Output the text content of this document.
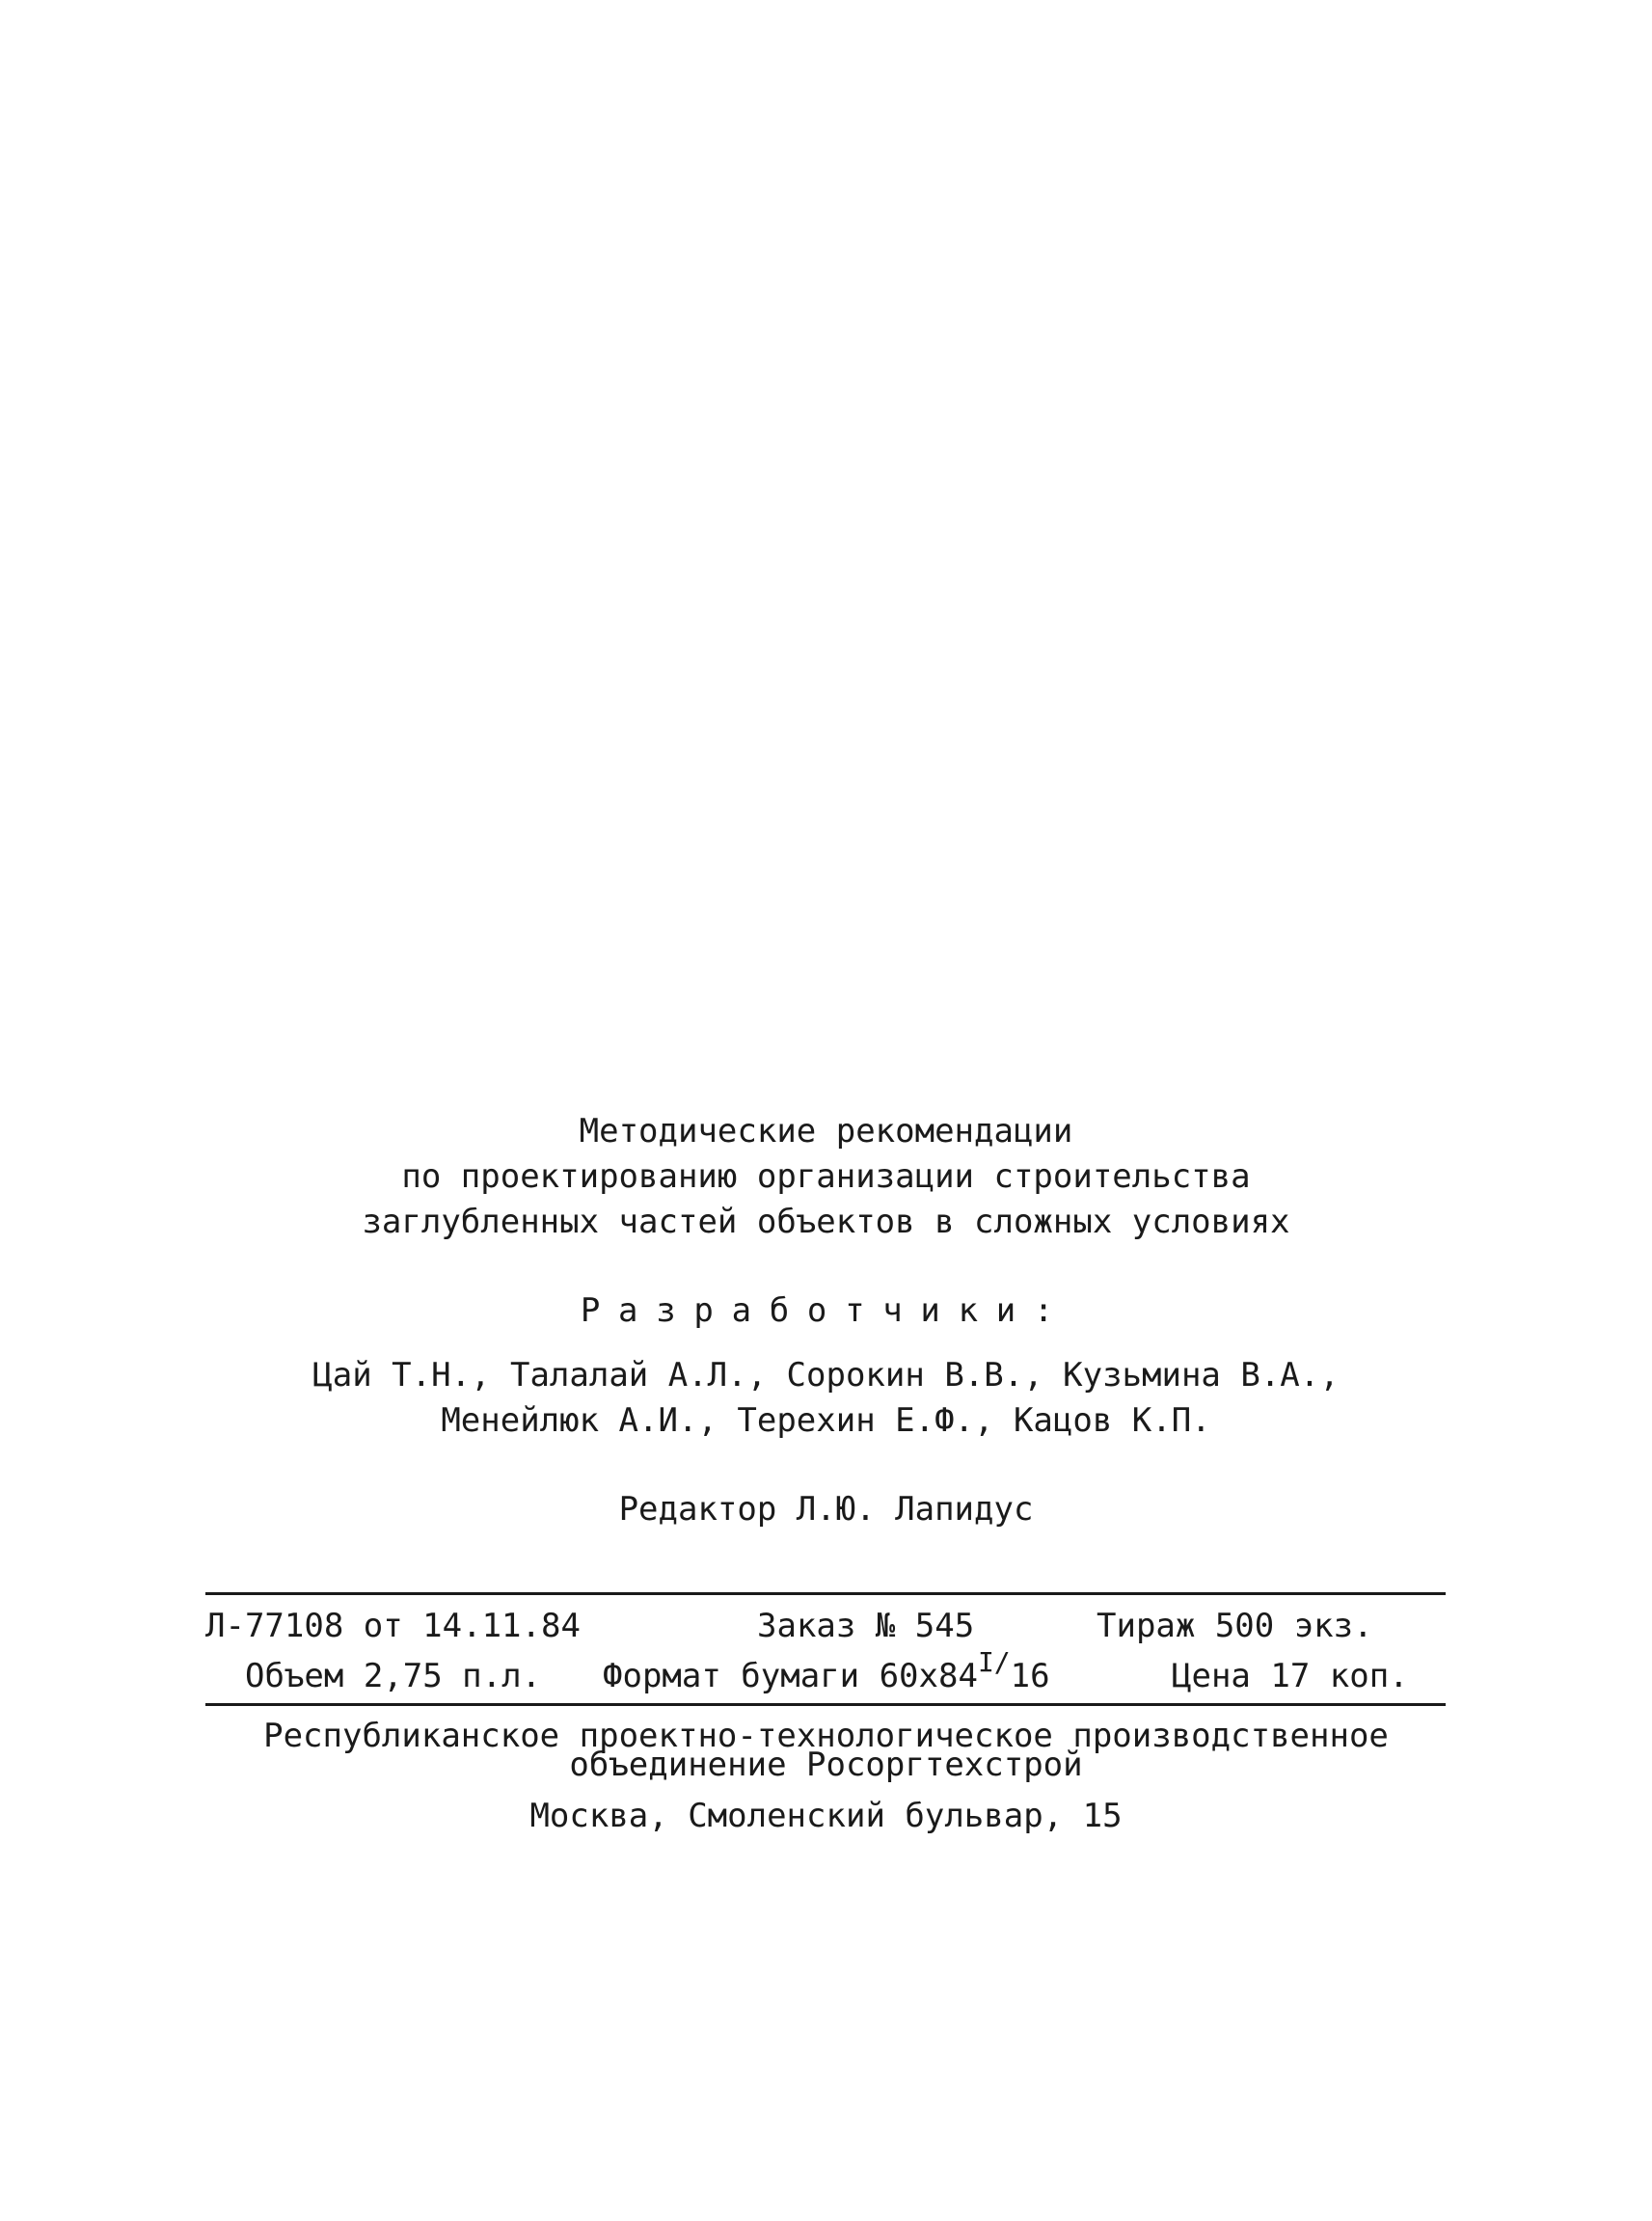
Методические рекомендации
по проектированию организации строительства
заглубленных частей объектов в сложных условиях
Разработчики:
Цай Т.Н., Талалай А.Л., Сорокин В.В., Кузьмина В.А.,
Менейлюк А.И., Терехин Е.Ф., Кацов К.П.
Редактор Л.Ю. Лапидус
Л-77108 от 14.11.84	Заказ № 545	Тираж 500 экз.
Объем 2,75 п.л. Формат бумаги $60x84^{I/}16$	Цена 17 коп.
Республиканское проектно-технологическое производственное
объединение Росоргтехстрой
Москва, Смоленский бульвар, 15
